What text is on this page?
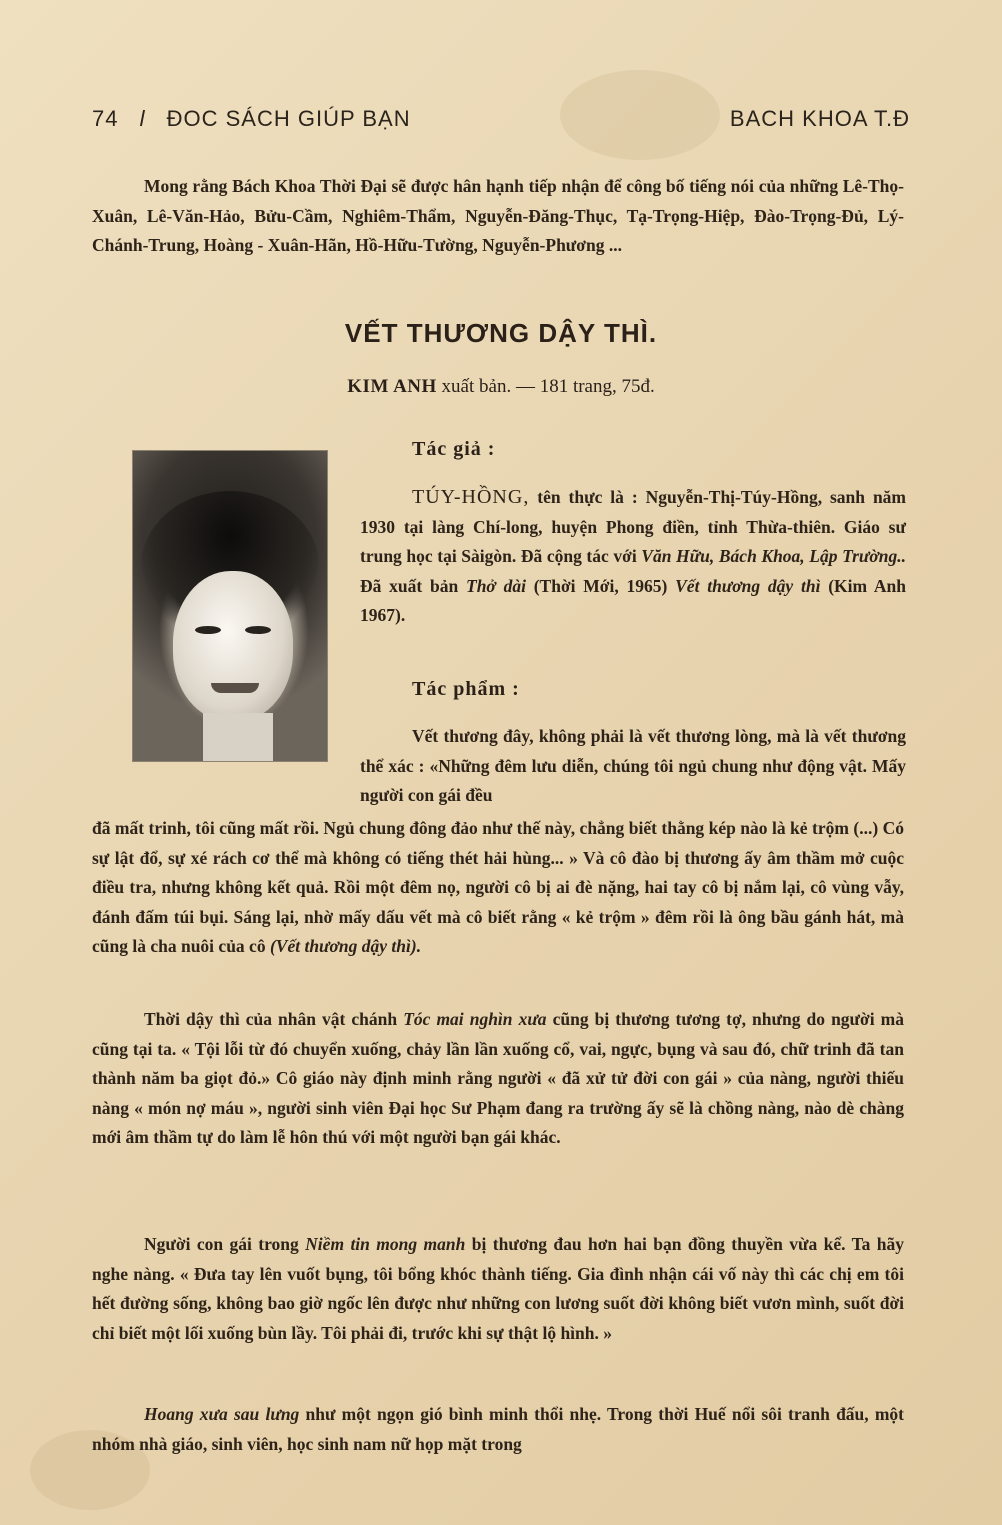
74 l ĐOC SÁCH GIÚP BẠN	BACH KHOA T.Đ

Mong rằng Bách Khoa Thời Đại sẽ được hân hạnh tiếp nhận để công bố tiếng nói của những Lê-Thọ-Xuân, Lê-Văn-Hảo, Bửu-Cầm, Nghiêm-Thẩm, Nguyễn-Đăng-Thục, Tạ-Trọng-Hiệp, Đào-Trọng-Đủ, Lý-Chánh-Trung, Hoàng - Xuân-Hãn, Hồ-Hữu-Tường, Nguyễn-Phương ...

VẾT THƯƠNG DẬY THÌ.
KIM ANH xuất bản. — 181 trang, 75đ.
Tác giả :

TÚY-HỒNG, tên thực là : Nguyễn-Thị-Túy-Hồng, sanh năm 1930 tại làng Chí-long, huyện Phong điền, tỉnh Thừa-thiên. Giáo sư trung học tại Sàigòn. Đã cộng tác với Văn Hữu, Bách Khoa, Lập Trường.. Đã xuất bản Thở dài (Thời Mới, 1965) Vết thương dậy thì (Kim Anh 1967).

Tác phẩm :

Vết thương đây, không phải là vết thương lòng, mà là vết thương thể xác : «Những đêm lưu diễn, chúng tôi ngủ chung như động vật. Mấy người con gái đều

đã mất trinh, tôi cũng mất rồi. Ngủ chung đông đảo như thế này, chẳng biết thằng kép nào là kẻ trộm (...) Có sự lật đổ, sự xé rách cơ thể mà không có tiếng thét hải hùng... » Và cô đào bị thương ấy âm thầm mở cuộc điều tra, nhưng không kết quả. Rồi một đêm nọ, người cô bị ai đè nặng, hai tay cô bị nắm lại, cô vùng vẫy, đánh đấm túi bụi. Sáng lại, nhờ mấy dấu vết mà cô biết rằng « kẻ trộm » đêm rồi là ông bầu gánh hát, mà cũng là cha nuôi của cô (Vết thương dậy thì).

Thời dậy thì của nhân vật chánh Tóc mai nghìn xưa cũng bị thương tương tợ, nhưng do người mà cũng tại ta. « Tội lỗi từ đó chuyển xuống, chảy lần lần xuống cổ, vai, ngực, bụng và sau đó, chữ trinh đã tan thành năm ba giọt đỏ.» Cô giáo này định minh rằng người « đã xử tử đời con gái » của nàng, người thiếu nàng « món nợ máu », người sinh viên Đại học Sư Phạm đang ra trường ấy sẽ là chồng nàng, nào dè chàng mới âm thầm tự do làm lễ hôn thú với một người bạn gái khác.

Người con gái trong Niềm tin mong manh bị thương đau hơn hai bạn đồng thuyền vừa kể. Ta hãy nghe nàng. « Đưa tay lên vuốt bụng, tôi bổng khóc thành tiếng. Gia đình nhận cái vố này thì các chị em tôi hết đường sống, không bao giờ ngốc lên được như những con lương suốt đời không biết vươn mình, suốt đời chỉ biết một lối xuống bùn lầy. Tôi phải đi, trước khi sự thật lộ hình. »

Hoang xưa sau lưng như một ngọn gió bình minh thổi nhẹ. Trong thời Huế nổi sôi tranh đấu, một nhóm nhà giáo, sinh viên, học sinh nam nữ họp mặt trong
